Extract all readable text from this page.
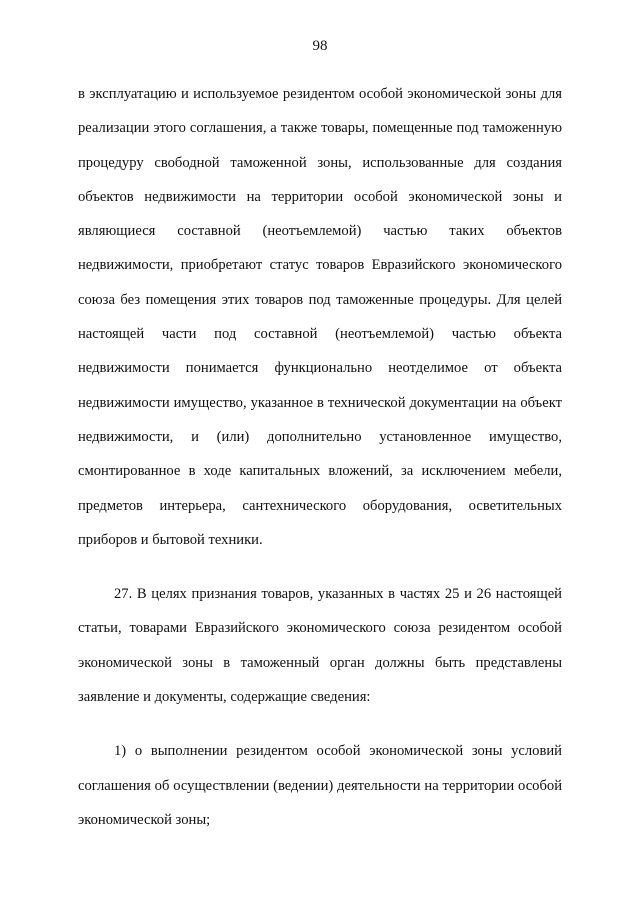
98

в эксплуатацию и используемое резидентом особой экономической зоны для реализации этого соглашения, а также товары, помещенные под таможенную процедуру свободной таможенной зоны, использованные для создания объектов недвижимости на территории особой экономической зоны и являющиеся составной (неотъемлемой) частью таких объектов недвижимости, приобретают статус товаров Евразийского экономического союза без помещения этих товаров под таможенные процедуры. Для целей настоящей части под составной (неотъемлемой) частью объекта недвижимости понимается функционально неотделимое от объекта недвижимости имущество, указанное в технической документации на объект недвижимости, и (или) дополнительно установленное имущество, смонтированное в ходе капитальных вложений, за исключением мебели, предметов интерьера, сантехнического оборудования, осветительных приборов и бытовой техники.

27. В целях признания товаров, указанных в частях 25 и 26 настоящей статьи, товарами Евразийского экономического союза резидентом особой экономической зоны в таможенный орган должны быть представлены заявление и документы, содержащие сведения:

1) о выполнении резидентом особой экономической зоны условий соглашения об осуществлении (ведении) деятельности на территории особой экономической зоны;
